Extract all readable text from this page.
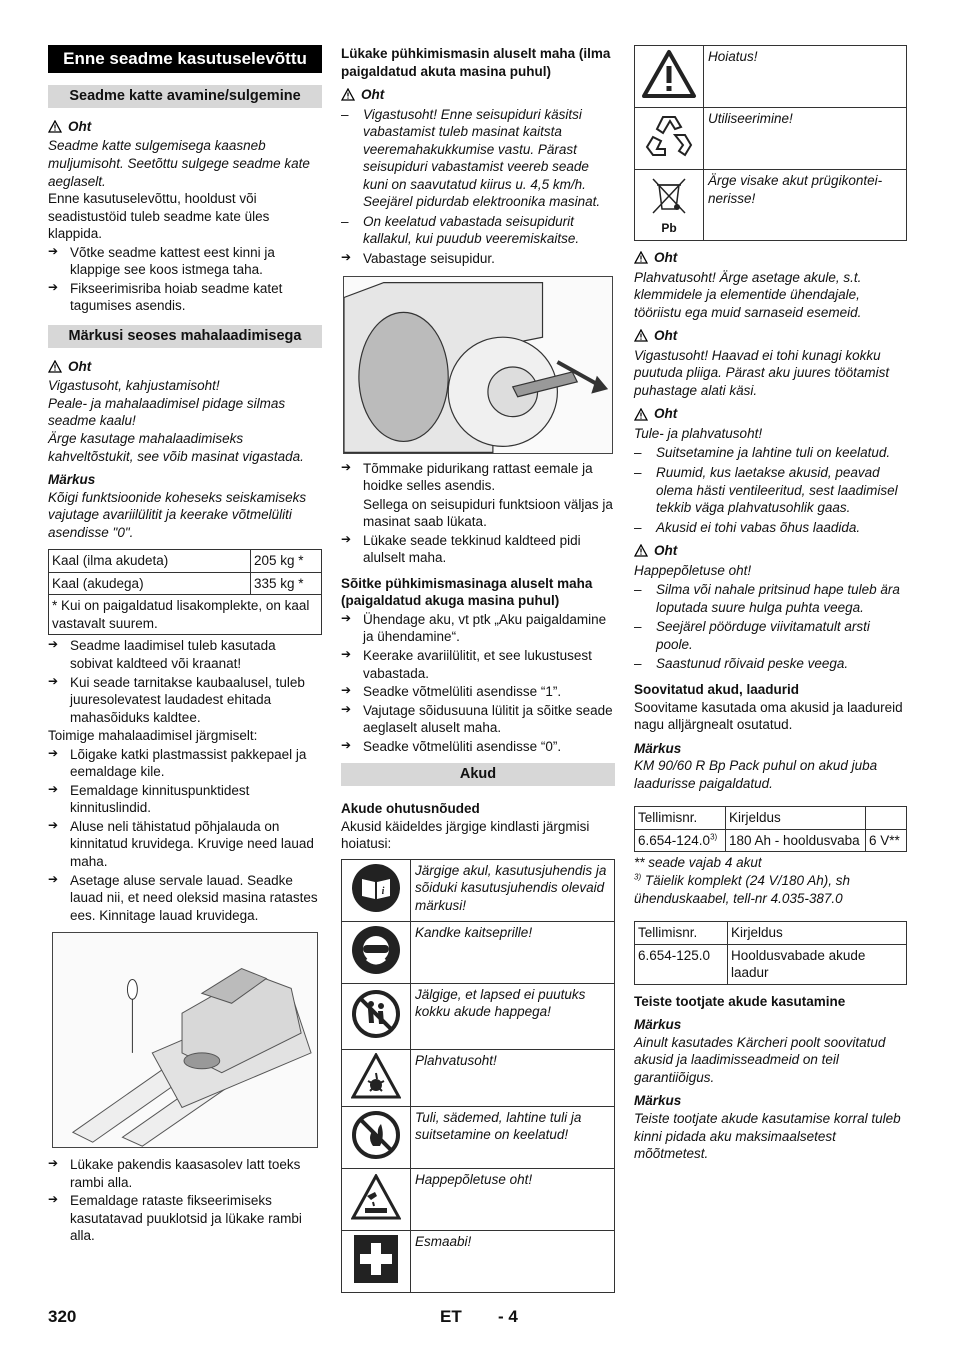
Enne seadme kasutuselevõttu
Seadme katte avamine/sulgemine
Oht

Seadme katte sulgemisega kaasneb muljumisoht. Seetõttu sulgege seadme kate aeglaselt.

Enne kasutuselevõttu, hooldust või seadistustöid tuleb seadme kate üles klappida.

➔ Võtke seadme kattest eest kinni ja klappige see koos istmega taha.
➔ Fikseerimisriba hoiab seadme katet tagumises asendis.
Märkusi seoses mahalaadimisega
Oht

Vigastusoht, kahjustamisoht!

Peale- ja mahalaadimisel pidage silmas seadme kaalu!

Ärge kasutage mahalaadimiseks kahveltõstukit, see võib masinat vigastada.

Märkus

Kõigi funktsioonide koheseks seiskamiseks vajutage avariilülitit ja keerake võtmelüliti asendisse "0".

Kaal (ilma akudeta)	205 kg *
Kaal (akudega)	335 kg *
* Kui on paigaldatud lisakomplekte, on kaal vastavalt suurem.	
➔ Seadme laadimisel tuleb kasutada sobivat kaldteed või kraanat!
➔ Kui seade tarnitakse kaubaalusel, tuleb juuresolevatest laudadest ehitada mahasõiduks kaldtee.

Toimige mahalaadimisel järgmiselt:

➔ Lõigake katki plastmassist pakkepael ja eemaldage kile.
➔ Eemaldage kinnituspunktidest kinnituslindid.
➔ Aluse neli tähistatud põhjalauda on kinnitatud kruvidega. Kruvige need lauad maha.
➔ Asetage aluse servale lauad. Seadke lauad nii, et need oleksid masina ratastes ees. Kinnitage lauad kruvidega.
➔ Lükake pakendis kaasasolev latt toeks rambi alla.
➔ Eemaldage rataste fikseerimiseks kasutatavad puuklotsid ja lükake rambi alla.

Lükake pühkimismasin aluselt maha (ilma paigaldatud akuta masina puhul)

Oht
– Vigastusoht! Enne seisupiduri käsitsi vabastamist tuleb masinat kaitsta veeremahakukkumise vastu. Pärast seisupiduri vabastamist veereb seade kuni on saavutatud kiirus u. 4,5 km/h. Seejärel pidurdab elektroonika masinat.
– On keelatud vabastada seisupidurit kallakul, kui puudub veeremiskaitse.
➔ Vabastage seisupidur.
➔ Tõmmake pidurikang rattast eemale ja hoidke selles asendis.

Sellega on seisupiduri funktsioon väljas ja masinat saab lükata.

➔ Lükake seade tekkinud kaldteed pidi alulselt maha.

Sõitke pühkimismasinaga aluselt maha (paigaldatud akuga masina puhul)

➔ Ühendage aku, vt ptk „Aku paigaldamine ja ühendamine“.
➔ Keerake avariilülitit, et see lukustusest vabastada.
➔ Seadke võtmelüliti asendisse “1”.
➔ Vajutage sõidusuuna lülitit ja sõitke seade aeglaselt aluselt maha.
➔ Seadke võtmelüliti asendisse “0”.
Akud

Akude ohutusnõuded

Akusid käideldes järgige kindlasti järgmisi hoiatusi:

i	Järgige akul, kasutusjuhendis ja sõiduki kasutusjuhendis olevaid märkusi!
	Kandke kaitseprille!
	Jälgige, et lapsed ei puutuks kokku akude happega!
	Plahvatusoht!
	Tuli, sädemed, lahtine tuli ja suitsetamine on keelatud!
	Happepõletuse oht!
	Esmaabi!
	Hoiatus!
	Utiliseerimine!

Pb	Ärge visake akut prügikontei-nerisse!
Oht

Plahvatusoht! Ärge asetage akule, s.t. klemmidele ja elementide ühendajale, tööriistu ega muid sarnaseid esemeid.

Oht

Vigastusoht! Haavad ei tohi kunagi kokku puutuda pliiga. Pärast aku juures töötamist puhastage alati käsi.

Oht

Tule- ja plahvatusoht!

– Suitsetamine ja lahtine tuli on keelatud.
– Ruumid, kus laetakse akusid, peavad olema hästi ventileeritud, sest laadimisel tekkib väga plahvatusohlik gaas.
– Akusid ei tohi vabas õhus laadida.
Oht

Happepõletuse oht!

– Silma või nahale pritsinud hape tuleb ära loputada suure hulga puhta veega.
– Seejärel pöörduge viivitamatult arsti poole.
– Saastunud rõivaid peske veega.

Soovitatud akud, laadurid

Soovitame kasutada oma akusid ja laadureid nagu alljärgnealt osutatud.

Märkus

KM 90/60 R Bp Pack puhul on akud juba laadurisse paigaldatud.

Tellimisnr.	Kirjeldus	
6.654-124.0$^{3)}$	180 Ah - hooldusvaba	6 V**

** seade vajab 4 akut

$^{3)}$ Täielik komplekt (24 V/180 Ah), sh ühenduskaabel, tell-nr 4.035-387.0

Tellimisnr.	Kirjeldus
6.654-125.0	Hooldusvabade akude laadur

Teiste tootjate akude kasutamine

Märkus

Ainult kasutades Kärcheri poolt soovitatud akusid ja laadimisseadmeid on teil garantiiõigus.

Märkus

Teiste tootjate akude kasutamise korral tuleb kinni pidada aku maksimaalsetest mõõtmetest.

320	ET - 4
